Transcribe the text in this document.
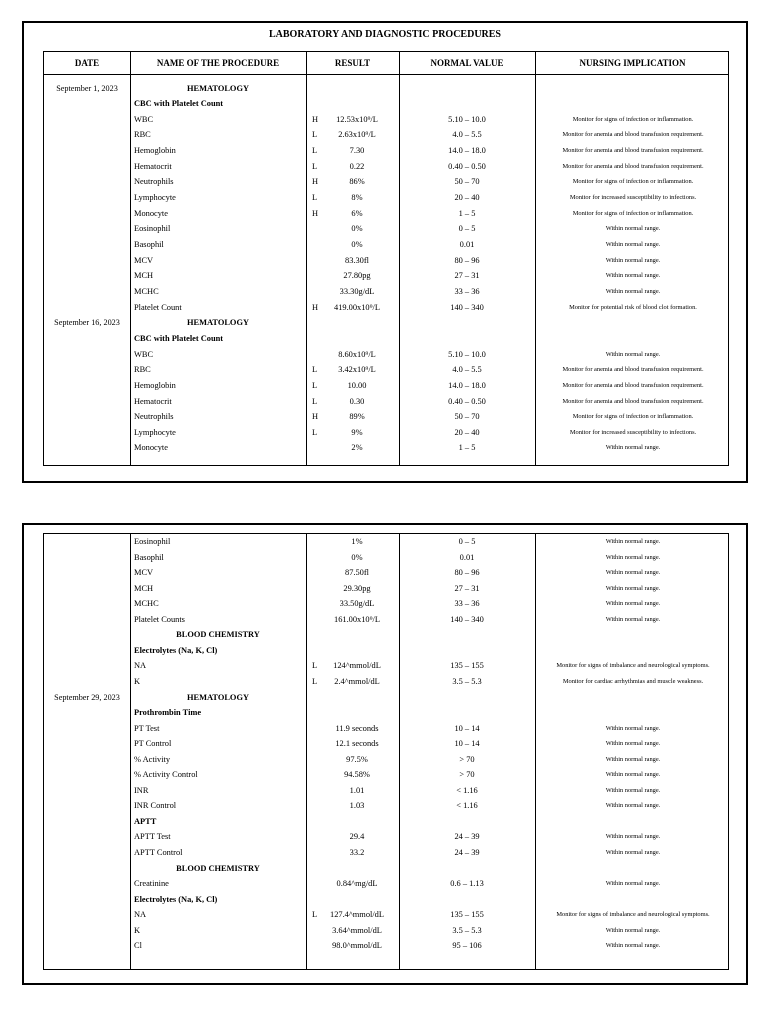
LABORATORY AND DIAGNOSTIC PROCEDURES
DATE	NAME OF THE PROCEDURE	RESULT	NORMAL VALUE	NURSING IMPLICATION
September 1, 2023	HEMATOLOGY
CBC with Platelet Count
WBC	H	12.53x10⁹/L	5.10 – 10.0	Monitor for signs of infection or inflammation.
RBC	L	2.63x10⁹/L	4.0 – 5.5	Monitor for anemia and blood transfusion requirement.
Hemoglobin	L	7.30	14.0 – 18.0	Monitor for anemia and blood transfusion requirement.
Hematocrit	L	0.22	0.40 – 0.50	Monitor for anemia and blood transfusion requirement.
Neutrophils	H	86%	50 – 70	Monitor for signs of infection or inflammation.
Lymphocyte	L	8%	20 – 40	Monitor for increased susceptibility to infections.
Monocyte	H	6%	1 – 5	Monitor for signs of infection or inflammation.
Eosinophil	0%	0 – 5	Within normal range.
Basophil	0%	0.01	Within normal range.
MCV	83.30fl	80 – 96	Within normal range.
MCH	27.80pg	27 – 31	Within normal range.
MCHC	33.30g/dL	33 – 36	Within normal range.
Platelet Count	H	419.00x10⁹/L	140 – 340	Monitor for potential risk of blood clot formation.
September 16, 2023	HEMATOLOGY
CBC with Platelet Count
WBC	8.60x10⁹/L	5.10 – 10.0	Within normal range.
RBC	L	3.42x10⁹/L	4.0 – 5.5	Monitor for anemia and blood transfusion requirement.
Hemoglobin	L	10.00	14.0 – 18.0	Monitor for anemia and blood transfusion requirement.
Hematocrit	L	0.30	0.40 – 0.50	Monitor for anemia and blood transfusion requirement.
Neutrophils	H	89%	50 – 70	Monitor for signs of infection or inflammation.
Lymphocyte	L	9%	20 – 40	Monitor for increased susceptibility to infections.
Monocyte	2%	1 – 5	Within normal range.
Eosinophil	1%	0 – 5	Within normal range.
Basophil	0%	0.01	Within normal range.
MCV	87.50fl	80 – 96	Within normal range.
MCH	29.30pg	27 – 31	Within normal range.
MCHC	33.50g/dL	33 – 36	Within normal range.
Platelet Counts	161.00x10⁹/L	140 – 340	Within normal range.
BLOOD CHEMISTRY
Electrolytes (Na, K, Cl)
NA	L	124^mmol/dL	135 – 155	Monitor for signs of imbalance and neurological symptoms.
K	L	2.4^mmol/dL	3.5 – 5.3	Monitor for cardiac arrhythmias and muscle weakness.
September 29, 2023	HEMATOLOGY
Prothrombin Time
PT Test	11.9 seconds	10 – 14	Within normal range.
PT Control	12.1 seconds	10 – 14	Within normal range.
% Activity	97.5%	> 70	Within normal range.
% Activity Control	94.58%	> 70	Within normal range.
INR	1.01	< 1.16	Within normal range.
INR Control	1.03	< 1.16	Within normal range.
APTT
APTT Test	29.4	24 – 39	Within normal range.
APTT Control	33.2	24 – 39	Within normal range.
BLOOD CHEMISTRY
Creatinine	0.84^mg/dL	0.6 – 1.13	Within normal range.
Electrolytes (Na, K, Cl)
NA	L	127.4^mmol/dL	135 – 155	Monitor for signs of imbalance and neurological symptoms.
K	3.64^mmol/dL	3.5 – 5.3	Within normal range.
Cl	98.0^mmol/dL	95 – 106	Within normal range.
